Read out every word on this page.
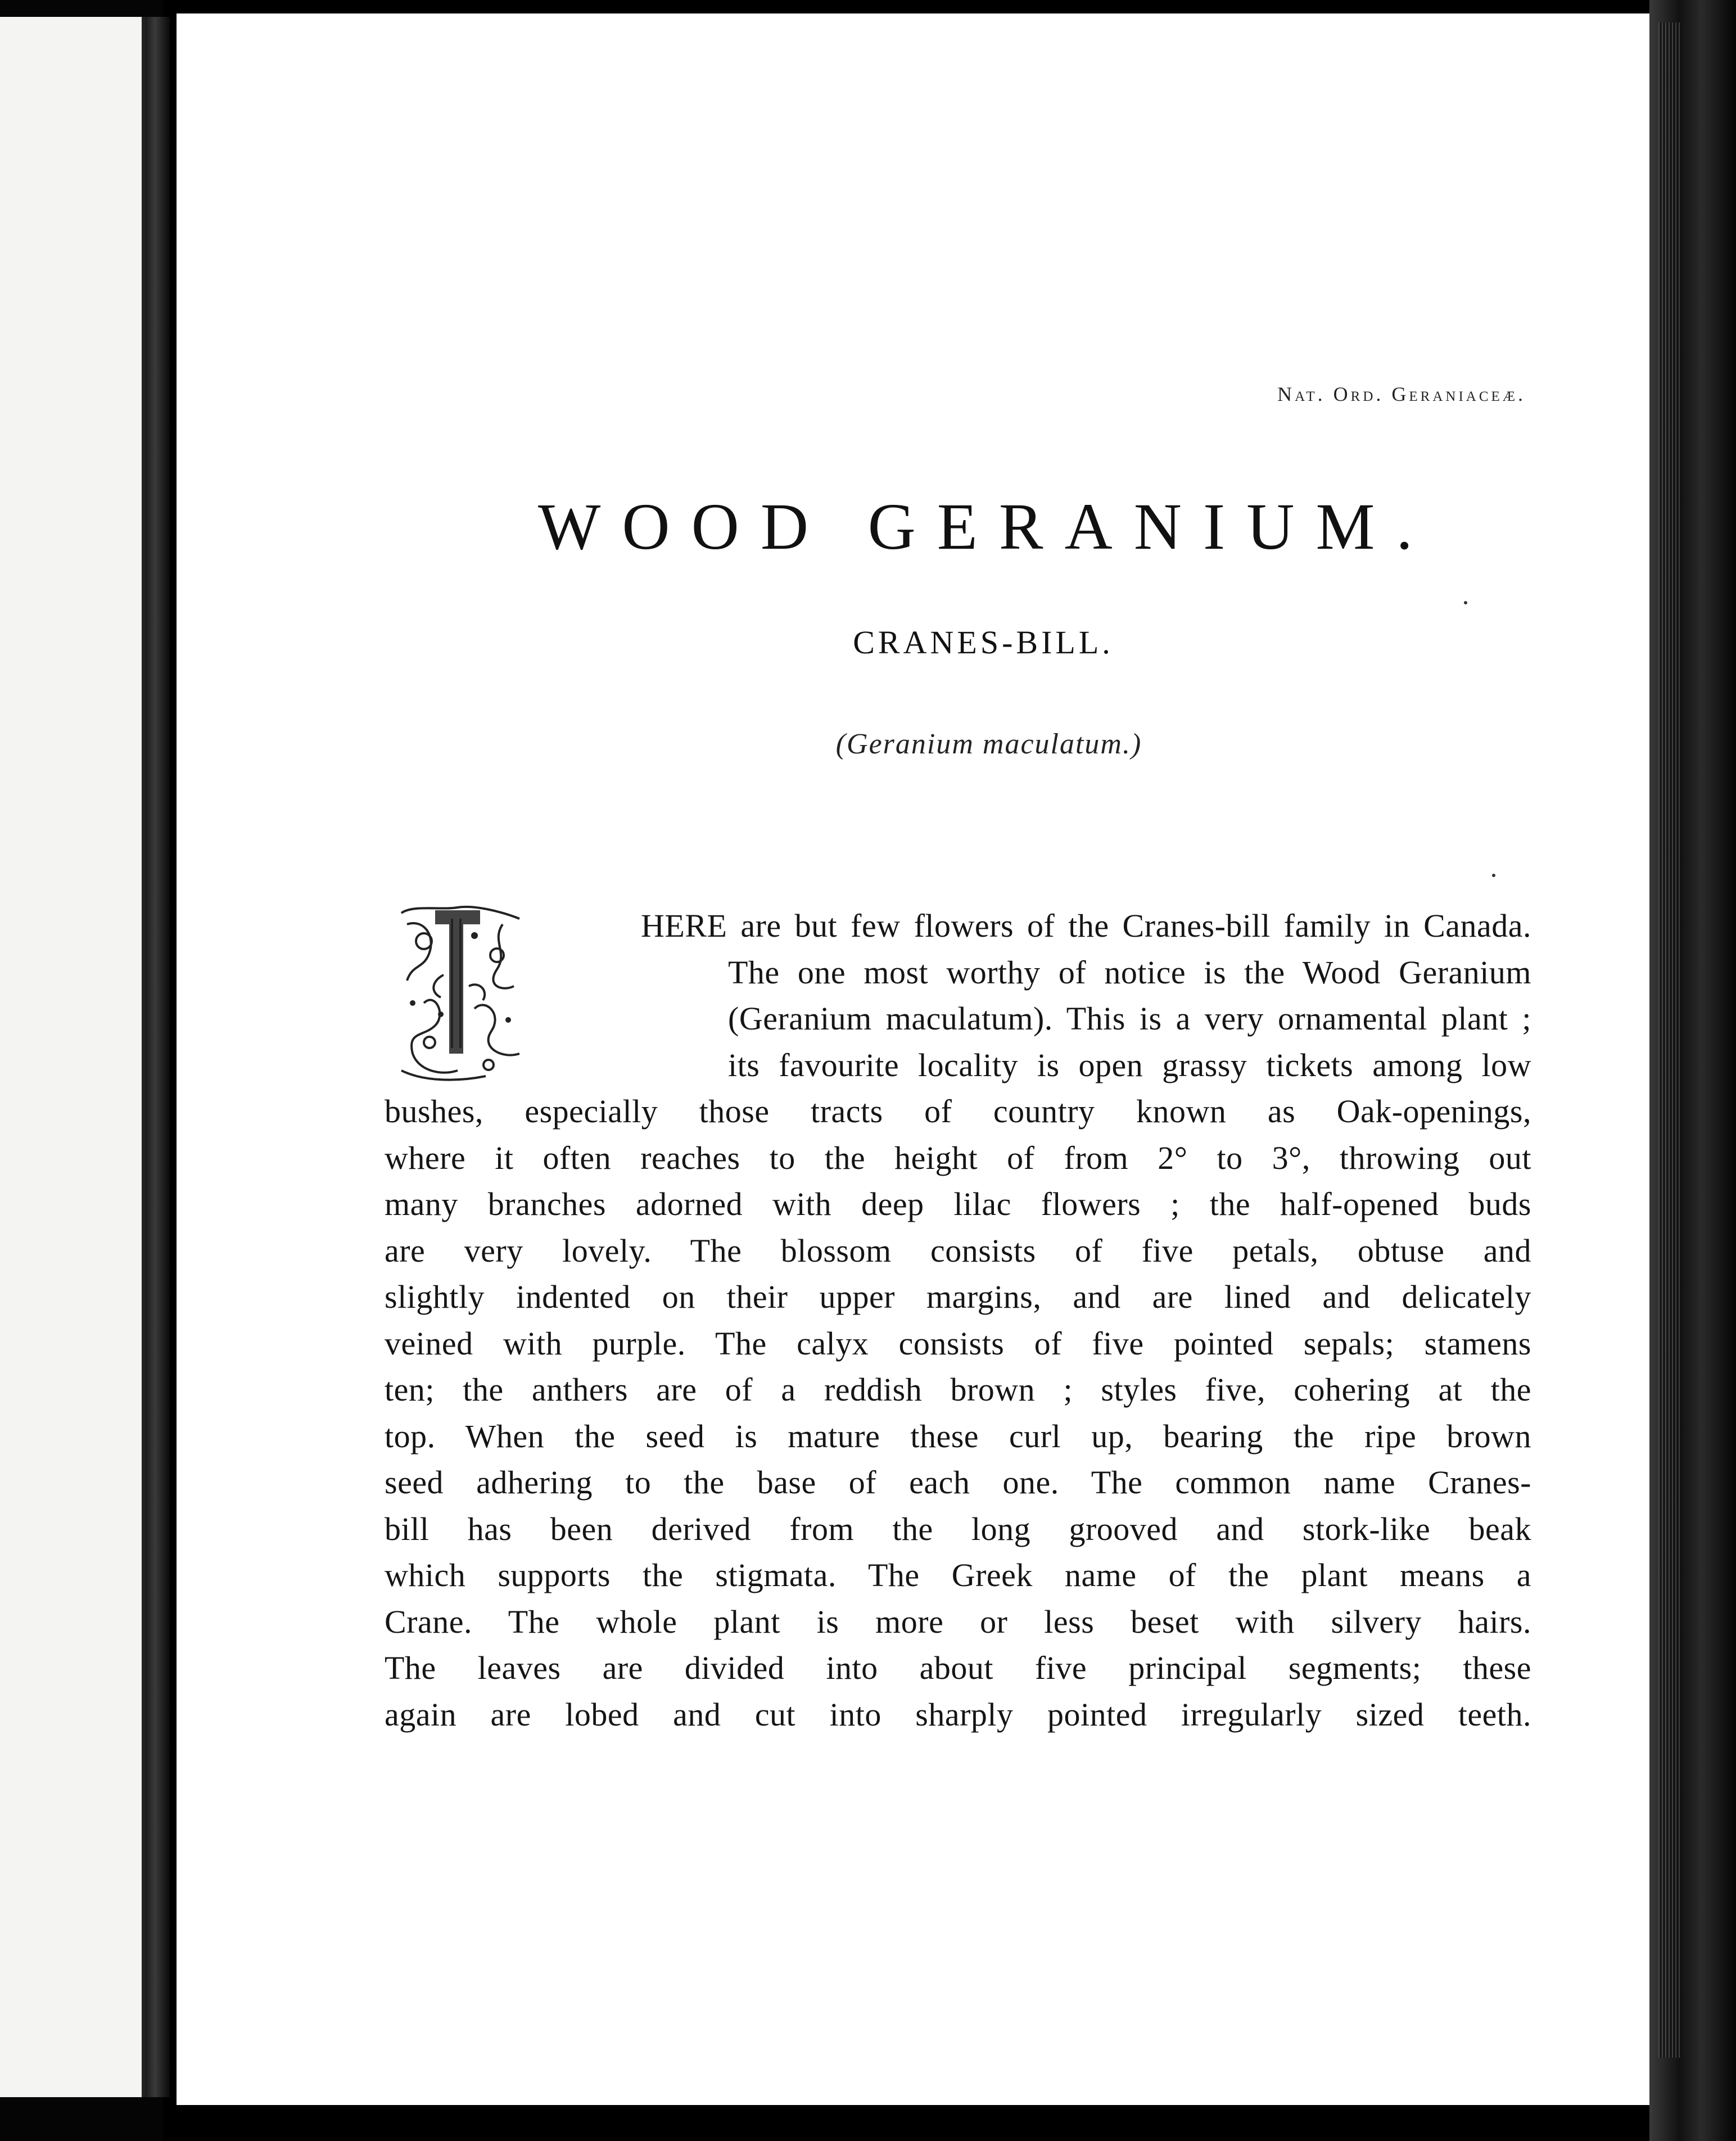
Nat. Ord. Geraniaceæ.
WOOD GERANIUM.
CRANES-BILL.
(Geranium maculatum.)
HERE are but few flowers of the Cranes-bill family in Canada.
The one most worthy of notice is the Wood Geranium
(Geranium maculatum). This is a very ornamental plant ;
its favourite locality is open grassy tickets among low
bushes, especially those tracts of country known as Oak-openings,
where it often reaches to the height of from 2° to 3°, throwing out
many branches adorned with deep lilac flowers ; the half-opened buds
are very lovely. The blossom consists of five petals, obtuse and
slightly indented on their upper margins, and are lined and delicately
veined with purple. The calyx consists of five pointed sepals; stamens
ten; the anthers are of a reddish brown ; styles five, cohering at the
top. When the seed is mature these curl up, bearing the ripe brown
seed adhering to the base of each one. The common name Cranes-
bill has been derived from the long grooved and stork-like beak
which supports the stigmata. The Greek name of the plant means a
Crane. The whole plant is more or less beset with silvery hairs.
The leaves are divided into about five principal segments; these
again are lobed and cut into sharply pointed irregularly sized teeth.
